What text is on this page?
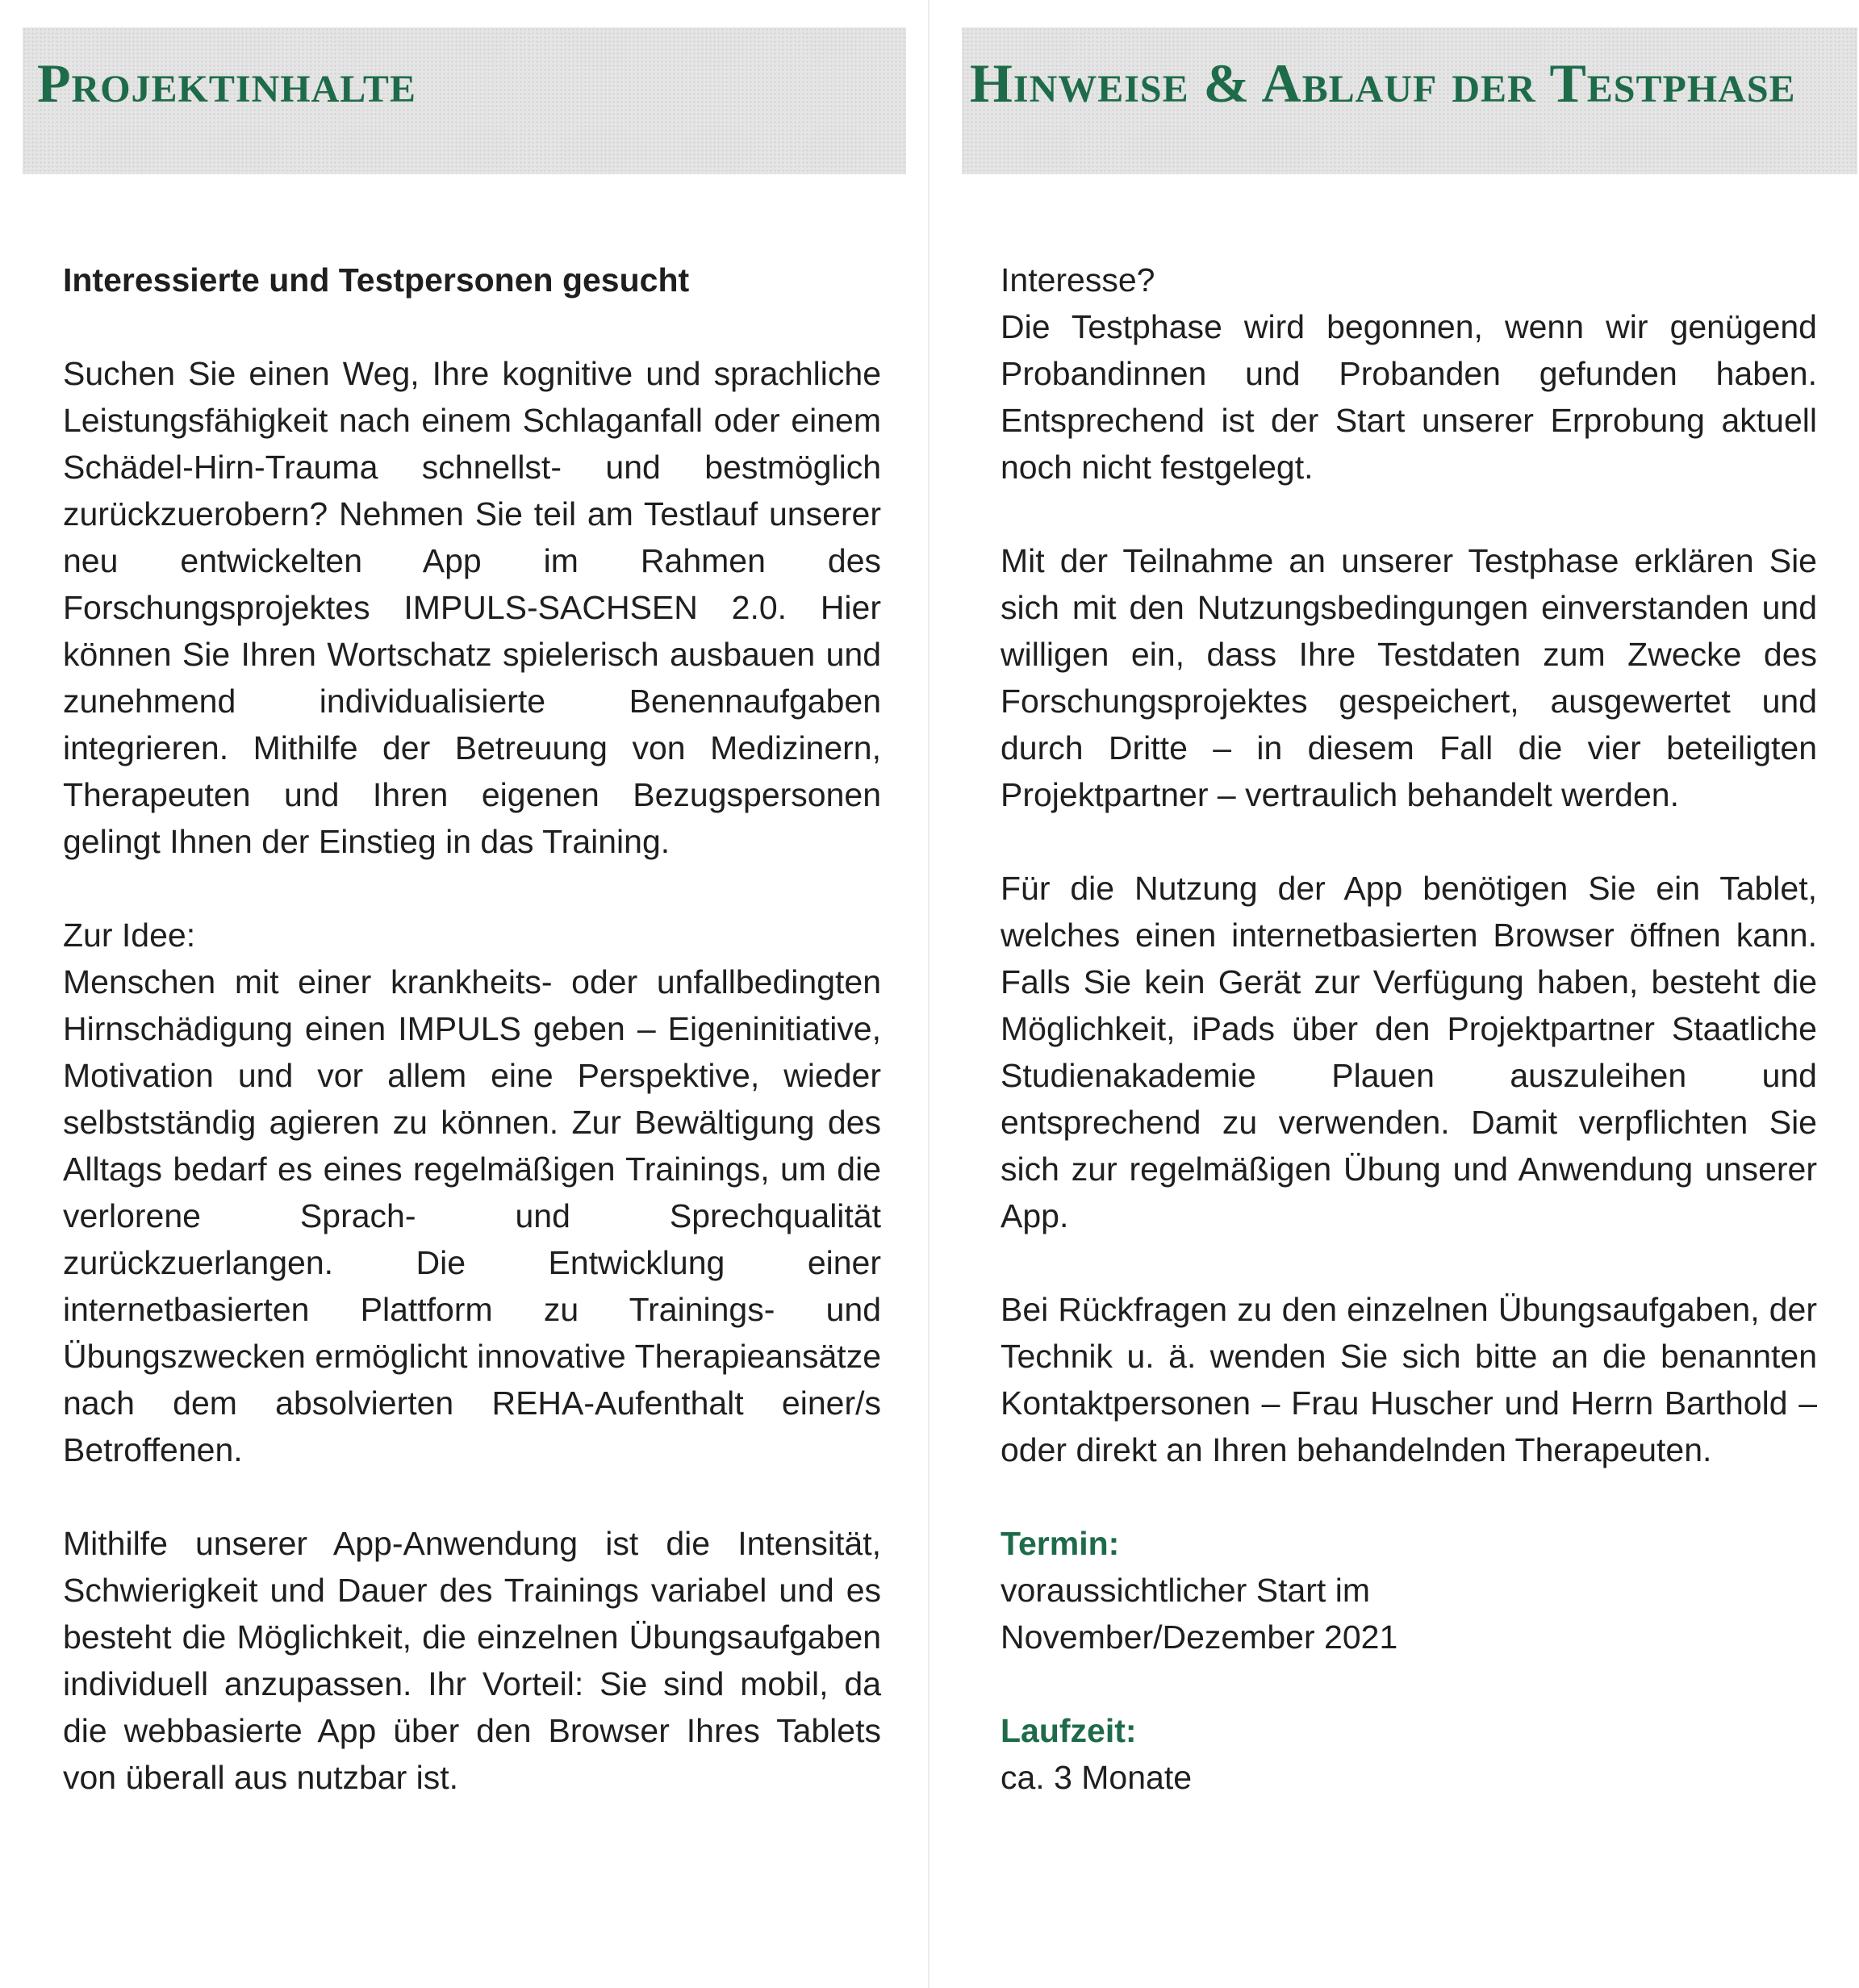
Projektinhalte

Interessierte und Testpersonen gesucht

Suchen Sie einen Weg, Ihre kognitive und sprachliche Leistungsfähigkeit nach einem Schlaganfall oder einem Schädel-Hirn-Trauma schnellst- und bestmöglich zurückzuerobern? Nehmen Sie teil am Testlauf unserer neu entwickelten App im Rahmen des Forschungsprojektes IMPULS-SACHSEN 2.0. Hier können Sie Ihren Wortschatz spielerisch ausbauen und zunehmend individualisierte Benennaufgaben integrieren. Mithilfe der Betreuung von Medizinern, Therapeuten und Ihren eigenen Bezugspersonen gelingt Ihnen der Einstieg in das Training.

Zur Idee:

Menschen mit einer krankheits- oder unfallbedingten Hirnschädigung einen IMPULS geben – Eigeninitiative, Motivation und vor allem eine Perspektive, wieder selbstständig agieren zu können. Zur Bewältigung des Alltags bedarf es eines regelmäßigen Trainings, um die verlorene Sprach- und Sprechqualität zurückzuerlangen. Die Entwicklung einer internetbasierten Plattform zu Trainings- und Übungszwecken ermöglicht innovative Therapieansätze nach dem absolvierten REHA-Aufenthalt einer/s Betroffenen.

Mithilfe unserer App-Anwendung ist die Intensität, Schwierigkeit und Dauer des Trainings variabel und es besteht die Möglichkeit, die einzelnen Übungsaufgaben individuell anzupassen. Ihr Vorteil: Sie sind mobil, da die webbasierte App über den Browser Ihres Tablets von überall aus nutzbar ist.

Hinweise & Ablauf der Testphase

Interesse?

Die Testphase wird begonnen, wenn wir genügend Probandinnen und Probanden gefunden haben. Entsprechend ist der Start unserer Erprobung aktuell noch nicht festgelegt.

Mit der Teilnahme an unserer Testphase erklären Sie sich mit den Nutzungsbedingungen einverstanden und willigen ein, dass Ihre Testdaten zum Zwecke des Forschungsprojektes gespeichert, ausgewertet und durch Dritte – in diesem Fall die vier beteiligten Projektpartner – vertraulich behandelt werden.

Für die Nutzung der App benötigen Sie ein Tablet, welches einen internetbasierten Browser öffnen kann. Falls Sie kein Gerät zur Verfügung haben, besteht die Möglichkeit, iPads über den Projektpartner Staatliche Studienakademie Plauen auszuleihen und entsprechend zu verwenden. Damit verpflichten Sie sich zur regelmäßigen Übung und Anwendung unserer App.

Bei Rückfragen zu den einzelnen Übungsaufgaben, der Technik u. ä. wenden Sie sich bitte an die benannten Kontaktpersonen – Frau Huscher und Herrn Barthold – oder direkt an Ihren behandelnden Therapeuten.

Termin:

voraussichtlicher Start im

November/Dezember 2021

Laufzeit:

ca. 3 Monate
